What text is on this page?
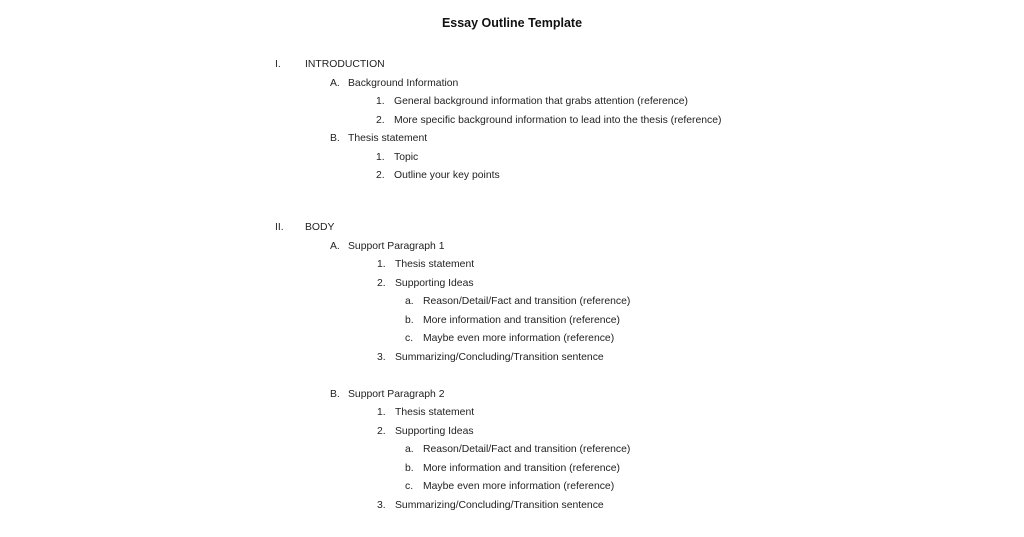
Essay Outline Template
I. INTRODUCTION
A. Background Information
1. General background information that grabs attention (reference)
2. More specific background information to lead into the thesis (reference)
B. Thesis statement
1. Topic
2. Outline your key points
II. BODY
A. Support Paragraph 1
1. Thesis statement
2. Supporting Ideas
a. Reason/Detail/Fact and transition (reference)
b. More information and transition (reference)
c. Maybe even more information (reference)
3. Summarizing/Concluding/Transition sentence
B. Support Paragraph 2
1. Thesis statement
2. Supporting Ideas
a. Reason/Detail/Fact and transition (reference)
b. More information and transition (reference)
c. Maybe even more information (reference)
3. Summarizing/Concluding/Transition sentence
